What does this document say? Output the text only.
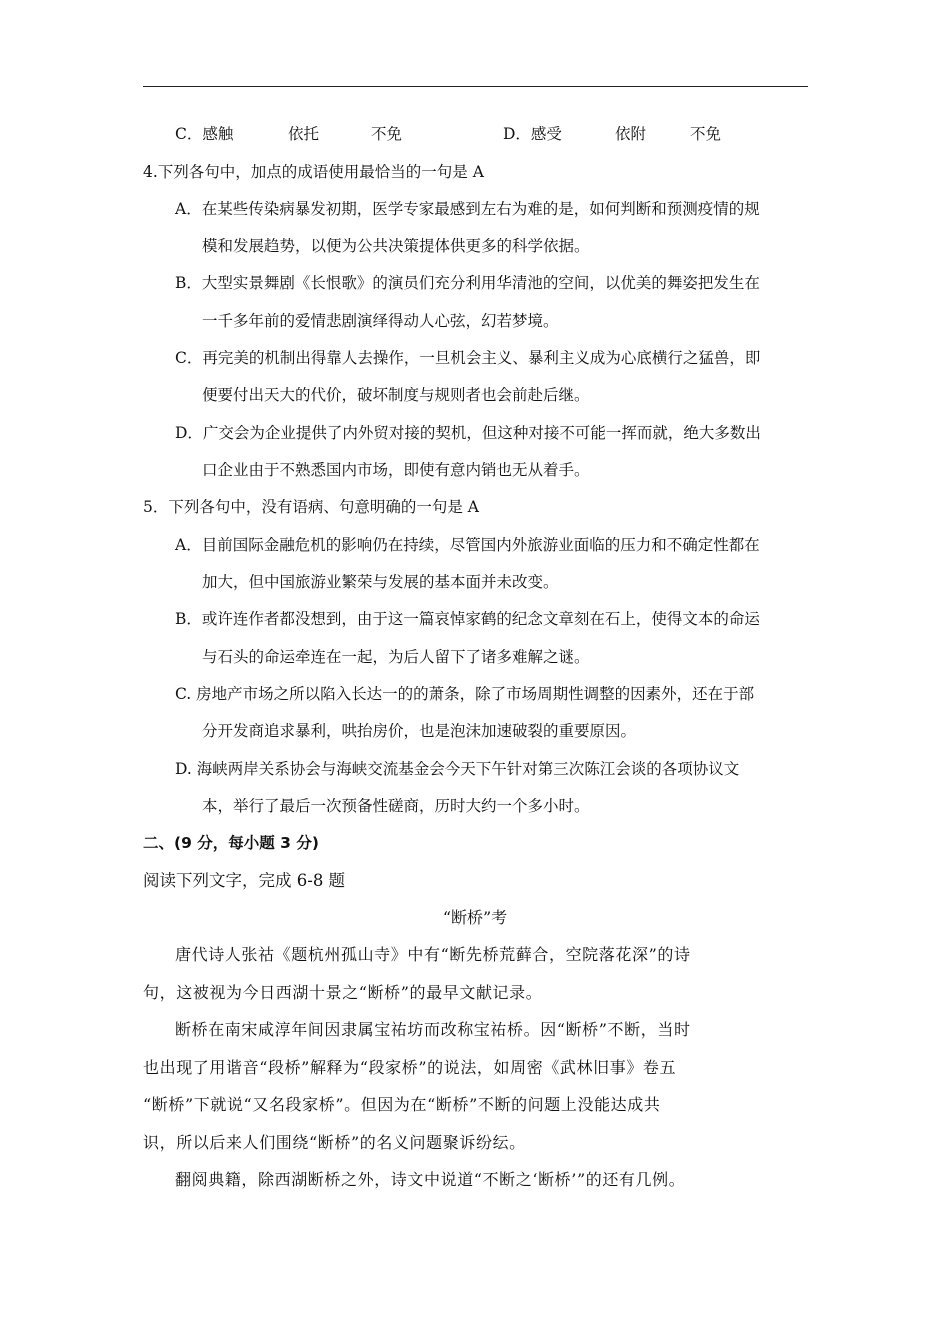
C．感触	依托	不免	D．感受	依附	不免
4.下列各句中，加点的成语使用最恰当的一句是 A
A．在某些传染病暴发初期，医学专家最感到左右为难的是，如何判断和预测疫情的规
模和发展趋势，以便为公共决策提体供更多的科学依据。
B．大型实景舞剧《长恨歌》的演员们充分利用华清池的空间，以优美的舞姿把发生在
一千多年前的爱情悲剧演绎得动人心弦，幻若梦境。
C．再完美的机制出得靠人去操作，一旦机会主义、暴利主义成为心底横行之猛兽，即
便要付出天大的代价，破坏制度与规则者也会前赴后继。
D．广交会为企业提供了内外贸对接的契机，但这种对接不可能一挥而就，绝大多数出
口企业由于不熟悉国内市场，即使有意内销也无从着手。
5．下列各句中，没有语病、句意明确的一句是 A
A．目前国际金融危机的影响仍在持续，尽管国内外旅游业面临的压力和不确定性都在
加大，但中国旅游业繁荣与发展的基本面并未改变。
B．或许连作者都没想到，由于这一篇哀悼家鹤的纪念文章刻在石上，使得文本的命运
与石头的命运牵连在一起，为后人留下了诸多难解之谜。
C. 房地产市场之所以陷入长达一的的萧条，除了市场周期性调整的因素外，还在于部
分开发商追求暴利，哄抬房价，也是泡沫加速破裂的重要原因。
D. 海峡两岸关系协会与海峡交流基金会今天下午针对第三次陈江会谈的各项协议文
本，举行了最后一次预备性磋商，历时大约一个多小时。
二、(9 分，每小题 3 分)
阅读下列文字，完成 6-8 题
“断桥”考
唐代诗人张祜《题杭州孤山寺》中有“断先桥荒藓合，空院落花深”的诗
句，这被视为今日西湖十景之“断桥”的最早文献记录。
断桥在南宋咸淳年间因隶属宝祐坊而改称宝祐桥。因“断桥”不断，当时
也出现了用谐音“段桥”解释为“段家桥”的说法，如周密《武林旧事》卷五
“断桥”下就说“又名段家桥”。但因为在“断桥”不断的问题上没能达成共
识，所以后来人们围绕“断桥”的名义问题聚诉纷纭。
翻阅典籍，除西湖断桥之外，诗文中说道“不断之‘断桥’”的还有几例。
